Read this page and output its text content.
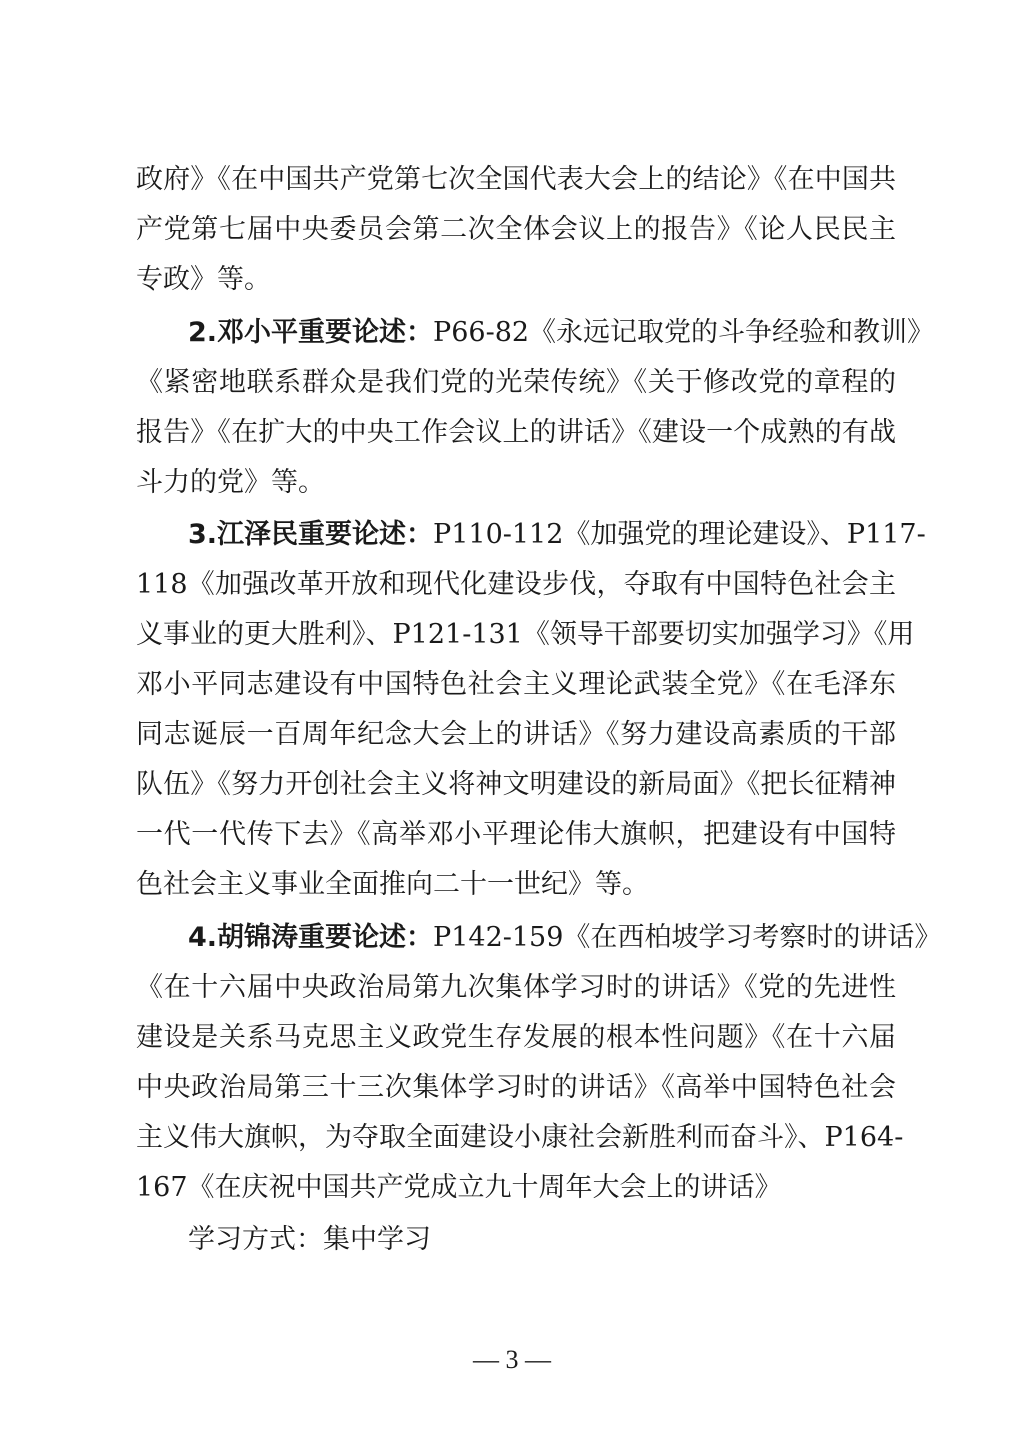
政府》《在中国共产党第七次全国代表大会上的结论》《在中国共
产党第七届中央委员会第二次全体会议上的报告》《论人民民主
专政》等。
2.邓小平重要论述：P66-82《永远记取党的斗争经验和教训》
《紧密地联系群众是我们党的光荣传统》《关于修改党的章程的
报告》《在扩大的中央工作会议上的讲话》《建设一个成熟的有战
斗力的党》等。
3.江泽民重要论述：P110-112《加强党的理论建设》、P117-
118《加强改革开放和现代化建设步伐，夺取有中国特色社会主
义事业的更大胜利》、P121-131《领导干部要切实加强学习》《用
邓小平同志建设有中国特色社会主义理论武装全党》《在毛泽东
同志诞辰一百周年纪念大会上的讲话》《努力建设高素质的干部
队伍》《努力开创社会主义将神文明建设的新局面》《把长征精神
一代一代传下去》《高举邓小平理论伟大旗帜，把建设有中国特
色社会主义事业全面推向二十一世纪》等。
4.胡锦涛重要论述：P142-159《在西柏坡学习考察时的讲话》
《在十六届中央政治局第九次集体学习时的讲话》《党的先进性
建设是关系马克思主义政党生存发展的根本性问题》《在十六届
中央政治局第三十三次集体学习时的讲话》《高举中国特色社会
主义伟大旗帜，为夺取全面建设小康社会新胜利而奋斗》、P164-
167《在庆祝中国共产党成立九十周年大会上的讲话》
学习方式：集中学习
— 3 —
